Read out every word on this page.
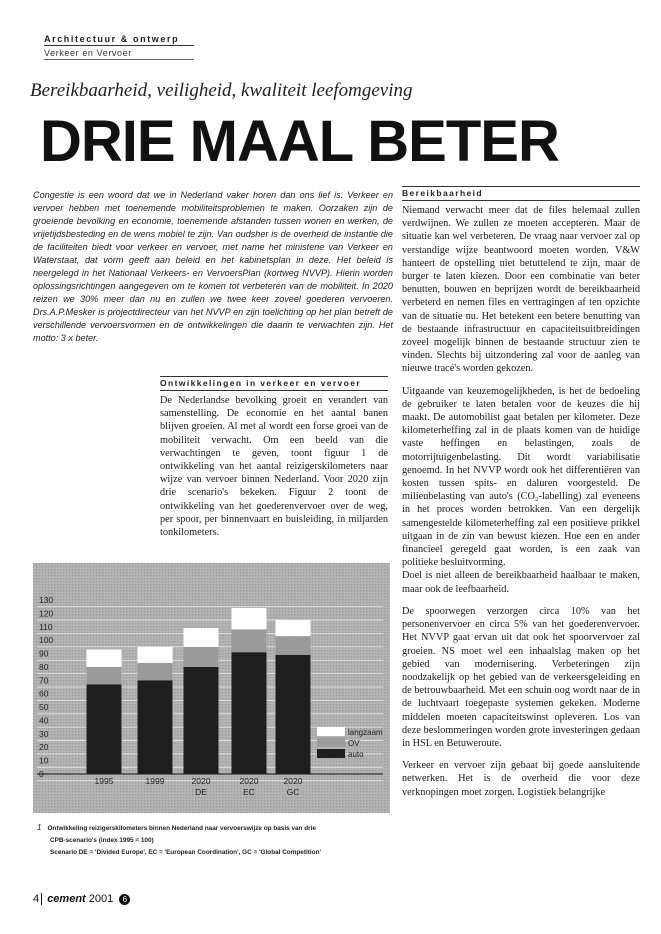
Architectuur & ontwerp
Verkeer en Vervoer
Bereikbaarheid, veiligheid, kwaliteit leefomgeving
DRIE MAAL BETER
Congestie is een woord dat we in Nederland vaker horen dan ons lief is. Verkeer en vervoer hebben met toenemende mobiliteitsproblemen te maken. Oorzaken zijn de groeiende bevolking en economie, toenemende afstanden tussen wonen en werken, de vrijetijdsbesteding en de wens mobiel te zijn. Van oudsher is de overheid de instantie die de faciliteiten biedt voor verkeer en vervoer, met name het ministerie van Verkeer en Waterstaat, dat vorm geeft aan beleid en het kabinetsplan in deze. Het beleid is neergelegd in het Nationaal Verkeers- en VervoersPlan (kortweg NVVP). Hierin worden oplossingsrichtingen aangegeven om te komen tot verbeteren van de mobiliteit. In 2020 reizen we 30% meer dan nu en zullen we twee keer zoveel goederen vervoeren. Drs.A.P.Mesker is projectdirecteur van het NVVP en zijn toelichting op het plan betreft de verschillende vervoersvormen en de ontwikkelingen die daarin te verwachten zijn. Het motto: 3 x beter.
Ontwikkelingen in verkeer en vervoer
De Nederlandse bevolking groeit en verandert van samenstelling. De economie en het aantal banen blijven groeien. Al met al wordt een forse groei van de mobiliteit verwacht. Om een beeld van die verwachtingen te geven, toont figuur 1 de ontwikkeling van het aantal reizigerskilometers naar wijze van vervoer binnen Nederland. Voor 2020 zijn drie scenario's bekeken. Figuur 2 toont de ontwikkeling van het goederenvervoer over de weg, per spoor, per binnenvaart en buisleiding, in miljarden tonkilometers.
0
10
20
30
40
50
60
70
80
90
100
110
120
130
1995	1999	2020
DE
2020
EC
2020
GC
langzaam
OV
auto
1 Ontwikkeling reizigerskilometers binnen Nederland naar vervoerswijze op basis van drie
CPB-scenario's (index 1995 = 100)
Scenario DE = 'Divided Europe', EC = 'European Coordination', GC = 'Global Competition'
Bereikbaarheid

Niemand verwacht meer dat de files helemaal zullen verdwijnen. We zullen ze moeten accepteren. Maar de situatie kan wel verbeteren. De vraag naar vervoer zal op verstandige wijze beantwoord moeten worden. V&W hanteert de opstelling niet betuttelend te zijn, maar de burger te laten kiezen. Door een combinatie van beter benutten, bouwen en beprijzen wordt de bereikbaarheid verbeterd en nemen files en vertragingen af ten opzichte van de situatie nu. Het betekent een betere benutting van de bestaande infrastructuur en capaciteitsuitbreidingen zoveel mogelijk binnen de bestaande structuur zien te vinden. Slechts bij uitzondering zal voor de aanleg van nieuwe tracé's worden gekozen.

Uitgaande van keuzemogelijkheden, is het de bedoeling de gebruiker te laten betalen voor de keuzes die hij maakt. De automobilist gaat betalen per kilometer. Deze kilometerheffing zal in de plaats komen van de huidige vaste heffingen en belastingen, zoals de motorrijtuigenbelasting. Dit wordt variabilisatie genoemd. In het NVVP wordt ook het differentiëren van kosten tussen spits- en daluren voorgesteld. De milieubelasting van auto's (CO₂-labelling) zal eveneens in het proces worden betrokken. Van een dergelijk samengestelde kilometerheffing zal een positieve prikkel uitgaan in de zin van bewust kiezen. Hoe een en ander financieel geregeld gaat worden, is een zaak van politieke besluitvorming.

Doel is niet alleen de bereikbaarheid haalbaar te maken, maar ook de leefbaarheid.

De spoorwegen verzorgen circa 10% van het personenvervoer en circa 5% van het goederenvervoer. Het NVVP gaat ervan uit dat ook het spoorvervoer zal groeien. NS moet wel een inhaalslag maken op het gebied van modernisering. Verbeteringen zijn noodzakelijk op het gebied van de verkeersgeleiding en de betrouwbaarheid. Met een schuin oog wordt naar de in de luchtvaart toegepaste systemen gekeken. Moderne middelen moeten capaciteitswinst opleveren. Los van deze beslommeringen worden grote investeringen gedaan in HSL en Betuweroute.

Verkeer en vervoer zijn gebaat bij goede aansluitende netwerken. Het is de overheid die voor deze verknopingen moet zorgen. Logistiek belangrijke

4 cement 2001 6
